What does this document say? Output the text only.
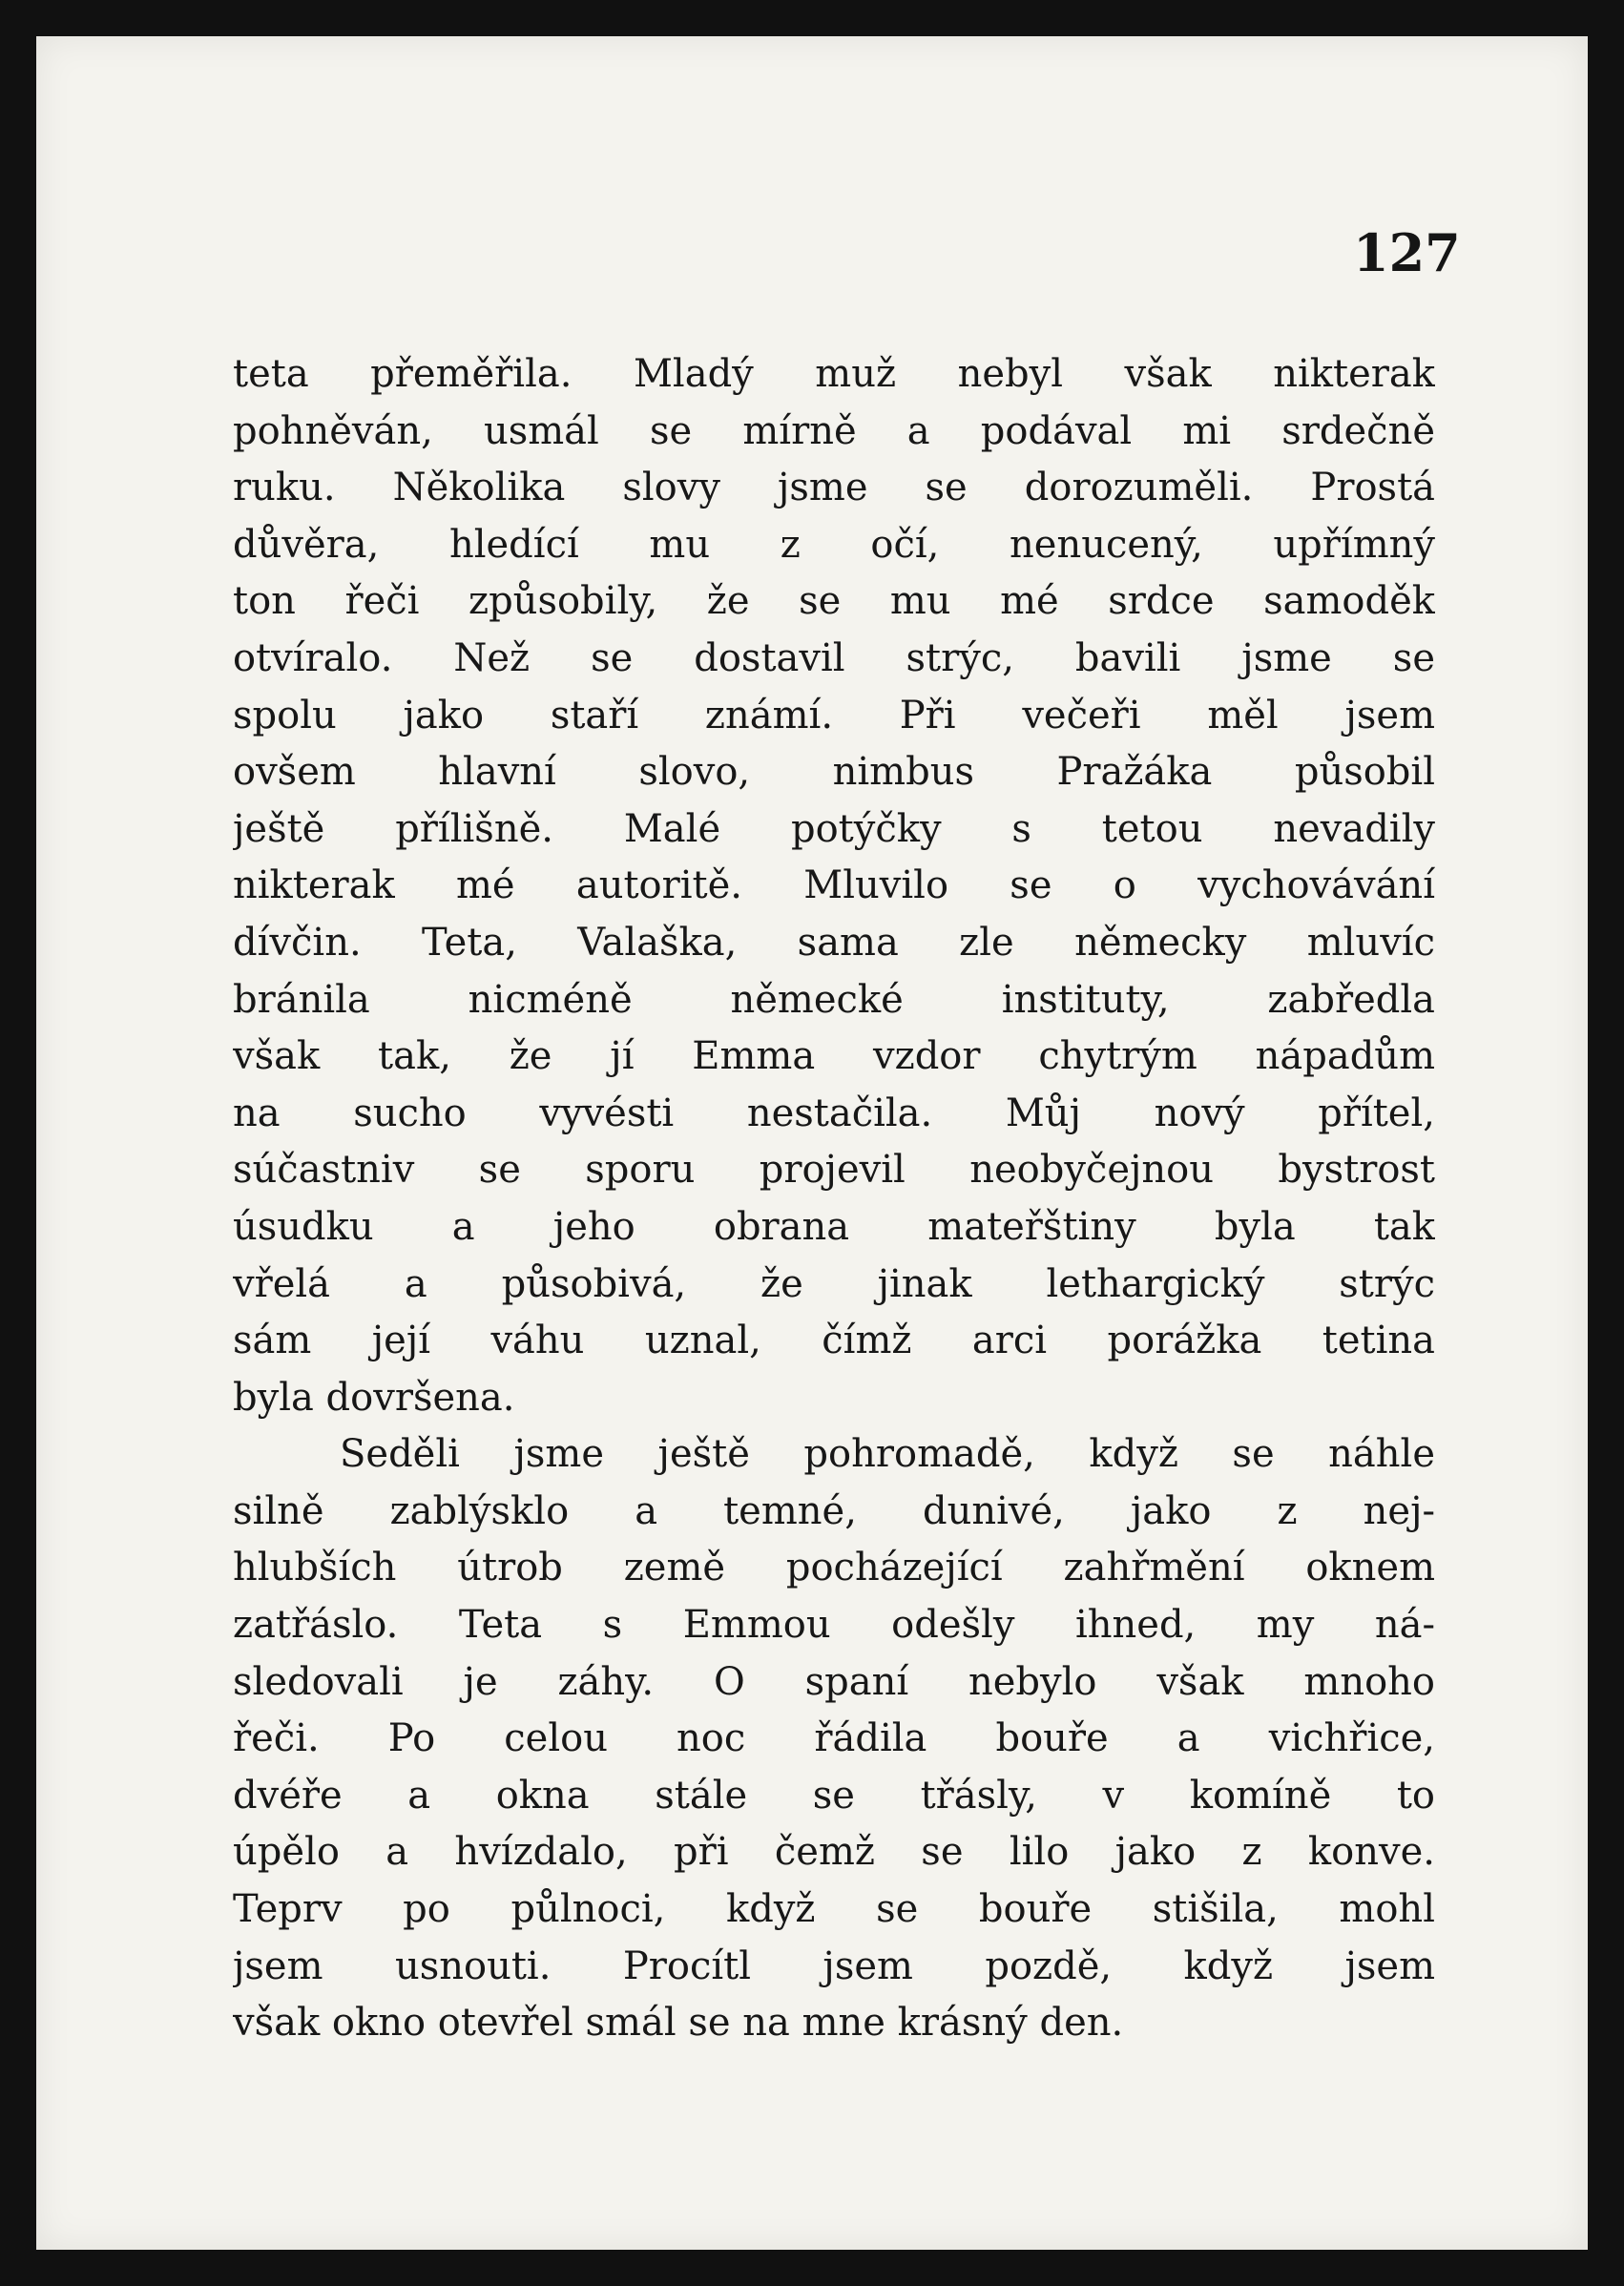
127
teta přeměřila. Mladý muž nebyl však nikterak
pohněván, usmál se mírně a podával mi srdečně
ruku. Několika slovy jsme se dorozuměli. Prostá
důvěra, hledící mu z očí, nenucený, upřímný
ton řeči způsobily, že se mu mé srdce samoděk
otvíralo. Než se dostavil strýc, bavili jsme se
spolu jako staří známí. Při večeři měl jsem
ovšem hlavní slovo, nimbus Pražáka působil
ještě přílišně. Malé potýčky s tetou nevadily
nikterak mé autoritě. Mluvilo se o vychovávání
dívčin. Teta, Valaška, sama zle německy mluvíc
bránila nicméně německé instituty, zabředla
však tak, že jí Emma vzdor chytrým nápadům
na sucho vyvésti nestačila. Můj nový přítel,
súčastniv se sporu projevil neobyčejnou bystrost
úsudku a jeho obrana mateřštiny byla tak
vřelá a působivá, že jinak lethargický strýc
sám její váhu uznal, čímž arci porážka tetina
byla dovršena.
Seděli jsme ještě pohromadě, když se náhle
silně zablýsklo a temné, dunivé, jako z nej-
hlubších útrob země pocházející zahřmění oknem
zatřáslo. Teta s Emmou odešly ihned, my ná-
sledovali je záhy. O spaní nebylo však mnoho
řeči. Po celou noc řádila bouře a vichřice,
dvéře a okna stále se třásly, v komíně to
úpělo a hvízdalo, při čemž se lilo jako z konve.
Teprv po půlnoci, když se bouře stišila, mohl
jsem usnouti. Procítl jsem pozdě, když jsem
však okno otevřel smál se na mne krásný den.
